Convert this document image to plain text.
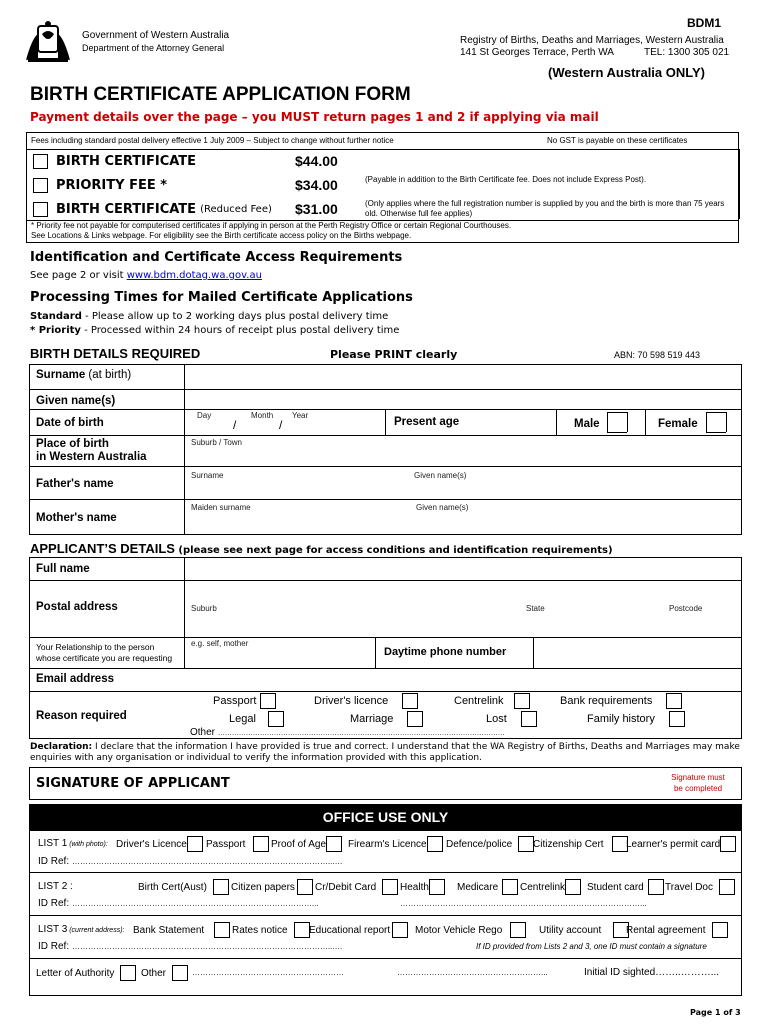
Government of Western Australia
Department of the Attorney General
BDM1
Registry of Births, Deaths and Marriages, Western Australia
141 St Georges Terrace, Perth WA	TEL: 1300 305 021
(Western Australia ONLY)
BIRTH CERTIFICATE APPLICATION FORM
Payment details over the page – you MUST return pages 1 and 2 if applying via mail
Fees including standard postal delivery effective 1 July 2009 – Subject to change without further notice	No GST is payable on these certificates
BIRTH CERTIFICATE	$44.00
PRIORITY FEE *	$34.00	(Payable in addition to the Birth Certificate fee. Does not include Express Post).
BIRTH CERTIFICATE (Reduced Fee) $31.00	(Only applies where the full registration number is supplied by you and the birth is more than 75 years old. Otherwise full fee applies)
* Priority fee not payable for computerised certificates if applying in person at the Perth Registry Office or certain Regional Courthouses.
See Locations & Links webpage. For eligibility see the Birth certificate access policy on the Births webpage.
Identification and Certificate Access Requirements
See page 2 or visit www.bdm.dotag.wa.gov.au
Processing Times for Mailed Certificate Applications
Standard - Please allow up to 2 working days plus postal delivery time
* Priority - Processed within 24 hours of receipt plus postal delivery time
BIRTH DETAILS REQUIRED	Please PRINT clearly	ABN: 70 598 519 443
Surname (at birth)
Given name(s)
Date of birth
Day	Month Year
/	/	Present age	Male	Female
Place of birth
in Western Australia
Suburb / Town
Father's name
Surname	Given name(s)
Mother's name
Maiden surname	Given name(s)
APPLICANT’S DETAILS (please see next page for access conditions and identification requirements)
Full name
Postal address	Suburb	State	Postcode
Your Relationship to the person
whose certificate you are requesting
e.g. self, mother
Daytime phone number
Email address
Reason required
Passport	Driver's licence	Centrelink	Bank requirements
Legal	Marriage	Lost	Family history
Other ……………………………………………………………………………………………………………
Declaration: I declare that the information I have provided is true and correct. I understand that the WA Registry of Births, Deaths and Marriages may make enquiries with any organisation or individual to verify the information provided with this application.
SIGNATURE OF APPLICANT	Signature must
be completed
OFFICE USE ONLY
LIST 1 (with photo): Driver's Licence Passport	Proof of Age Firearm's Licence Defence/police Citizenship Cert Learner's permit card
ID Ref: ……………………………………………………………………………………...…
LIST 2 :	Birth Cert(Aust) Citizen papers Cr/Debit Card Health	Medicare Centrelink Student card Travel Doc
ID Ref: ………………………………………………………………………………...	………………………………………………………………………………...
LIST 3 (current address): Bank Statement	Rates notice Educational report Motor Vehicle Rego	Utility account Rental agreement
ID Ref: ……………………………………………………………………………………...…	If ID provided from Lists 2 and 3, one ID must contain a signature
Letter of Authority	Other	…………………………………………………	………………………………………………...	Initial ID sighted……..………...
Page 1 of 3
